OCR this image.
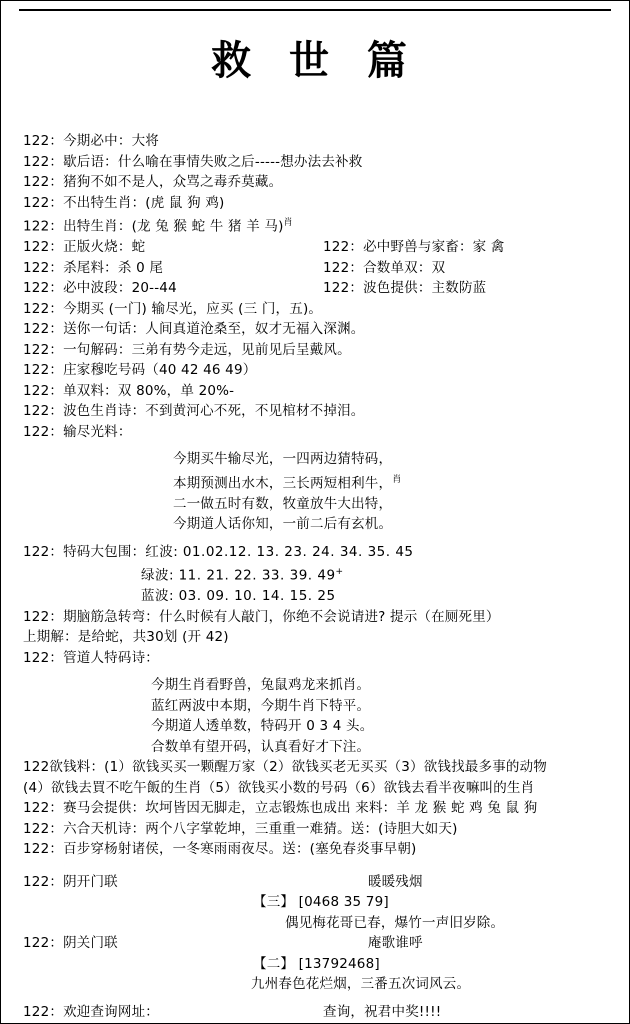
救 世 篇
122：今期必中：大将
122：歇后语：什么喻在事情失败之后-----想办法去补救
122：猪狗不如不是人，众骂之毒乔莫藏。
122：不出特生肖：(虎 鼠 狗 鸡)
122：出特生肖：(龙 兔 猴 蛇 牛 猪 羊 马)$^肖$
122：正版火烧：蛇	122：必中野兽与家畜：家 禽
122：杀尾料：杀 0 尾	122：合数单双：双
122：必中波段：20--44	122：波色提供：主数防蓝
122：今期买 (一门) 输尽光，应买 (三 门，五)。
122：送你一句话：人间真道沧桑至，奴才无福入深渊。
122：一句解码：三弟有势今走远，见前见后呈戴风。
122：庄家穆吃号码（40 42 46 49）
122：单双料：双 80%，单 20%-
122：波色生肖诗：不到黄河心不死，不见棺材不掉泪。
122：输尽光料：
今期买牛输尽光，一四两边猜特码，
本期预测出水木，三长两短相利牛，$^肖$
二一做五时有数，牧童放牛大出特，
今期道人话你知，一前二后有玄机。
122：特码大包围：红波: 01.02.12. 13. 23. 24. 34. 35. 45
绿波: 11. 21. 22. 33. 39. 49+
蓝波: 03. 09. 10. 14. 15. 25
122：期脑筋急转弯：什么时候有人敲门，你绝不会说请进? 提示（在厕死里）
上期解：是给蛇，共30划 (开 42)
122：管道人特码诗：
今期生肖看野兽，兔鼠鸡龙来抓肖。
蓝红两波中本期，今期牛肖下特平。
今期道人透单数，特码开 0 3 4 头。
合数单有望开码，认真看好才下注。
122欲钱料：(1）欲钱买买一颗醒万家（2）欲钱买老无买买（3）欲钱找最多事的动物
(4）欲钱去買不吃午飯的生肖（5）欲钱买小数的号码（6）欲钱去看半夜嘛叫的生肖
122：赛马会提供：坎坷皆因无脚走，立志锻炼也成出 来料：羊 龙 猴 蛇 鸡 兔 鼠 狗
122：六合天机诗：两个八字掌乾坤，三重重一难猜。送：(诗胆大如天)
122：百步穿杨射诸侯，一冬寒雨雨夜尽。送：(塞免春炎事早朝)
122：阴开门联	暖暖残烟
【三】 [0468 35 79]
偶见梅花哥已春，爆竹一声旧岁除。
122：阴关门联	庵歌谁呼
【二】 [13792468]
九州春色花烂烟，三番五次词风云。
122：欢迎查询网址：	查询，祝君中奖!!!!
